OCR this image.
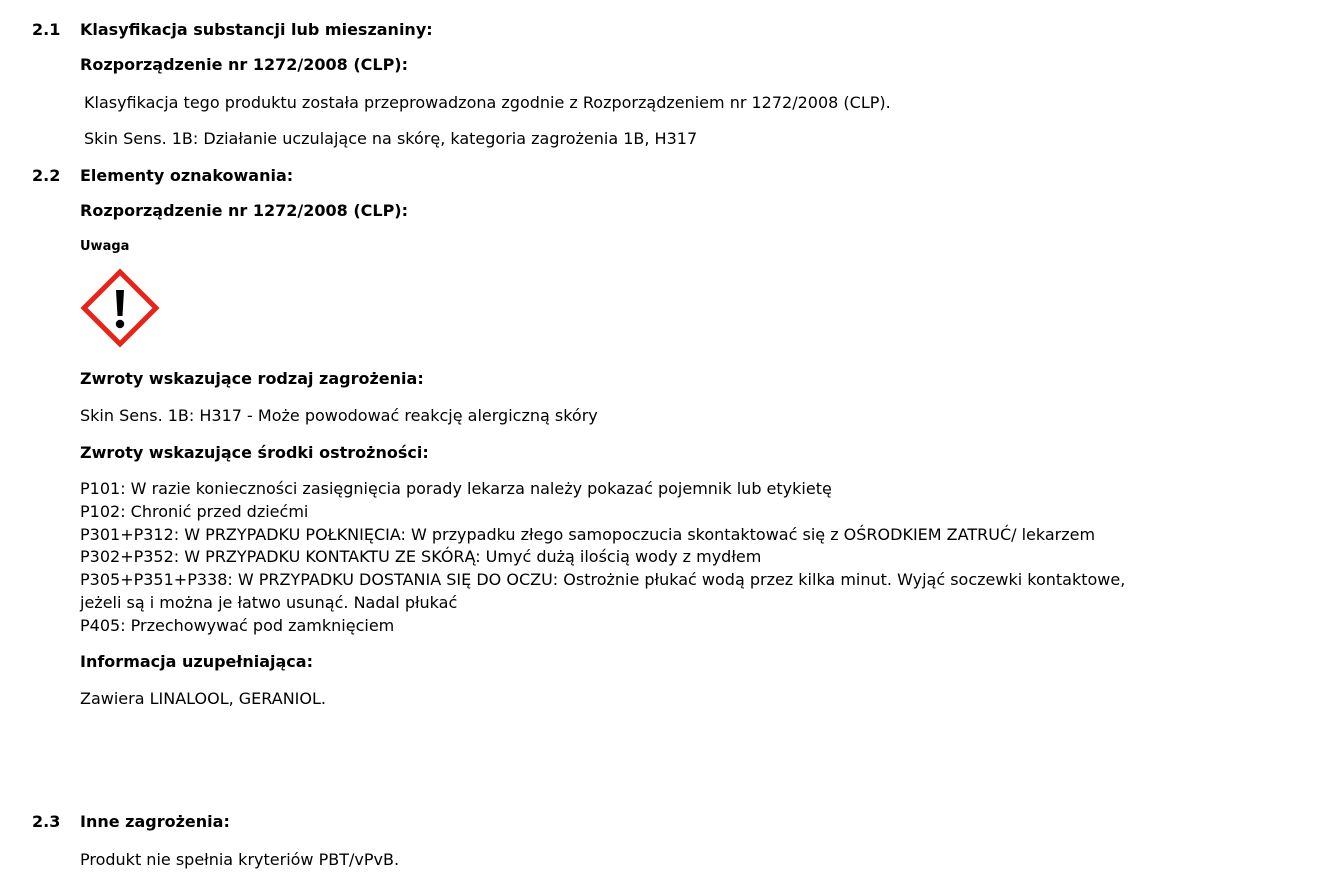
2.1 Klasyfikacja substancji lub mieszaniny:
Rozporządzenie nr 1272/2008 (CLP):
Klasyfikacja tego produktu została przeprowadzona zgodnie z Rozporządzeniem nr 1272/2008 (CLP).
Skin Sens. 1B: Działanie uczulające na skórę, kategoria zagrożenia 1B, H317
2.2 Elementy oznakowania:
Rozporządzenie nr 1272/2008 (CLP):
Uwaga
Zwroty wskazujące rodzaj zagrożenia:
Skin Sens. 1B: H317 - Może powodować reakcję alergiczną skóry
Zwroty wskazujące środki ostrożności:
P101: W razie konieczności zasięgnięcia porady lekarza należy pokazać pojemnik lub etykietę
P102: Chronić przed dziećmi
P301+P312: W PRZYPADKU POŁKNIĘCIA: W przypadku złego samopoczucia skontaktować się z OŚRODKIEM ZATRUĆ/ lekarzem
P302+P352: W PRZYPADKU KONTAKTU ZE SKÓRĄ: Umyć dużą ilością wody z mydłem
P305+P351+P338: W PRZYPADKU DOSTANIA SIĘ DO OCZU: Ostrożnie płukać wodą przez kilka minut. Wyjąć soczewki kontaktowe,
jeżeli są i można je łatwo usunąć. Nadal płukać
P405: Przechowywać pod zamknięciem
Informacja uzupełniająca:
Zawiera LINALOOL, GERANIOL.
2.3 Inne zagrożenia:
Produkt nie spełnia kryteriów PBT/vPvB.
